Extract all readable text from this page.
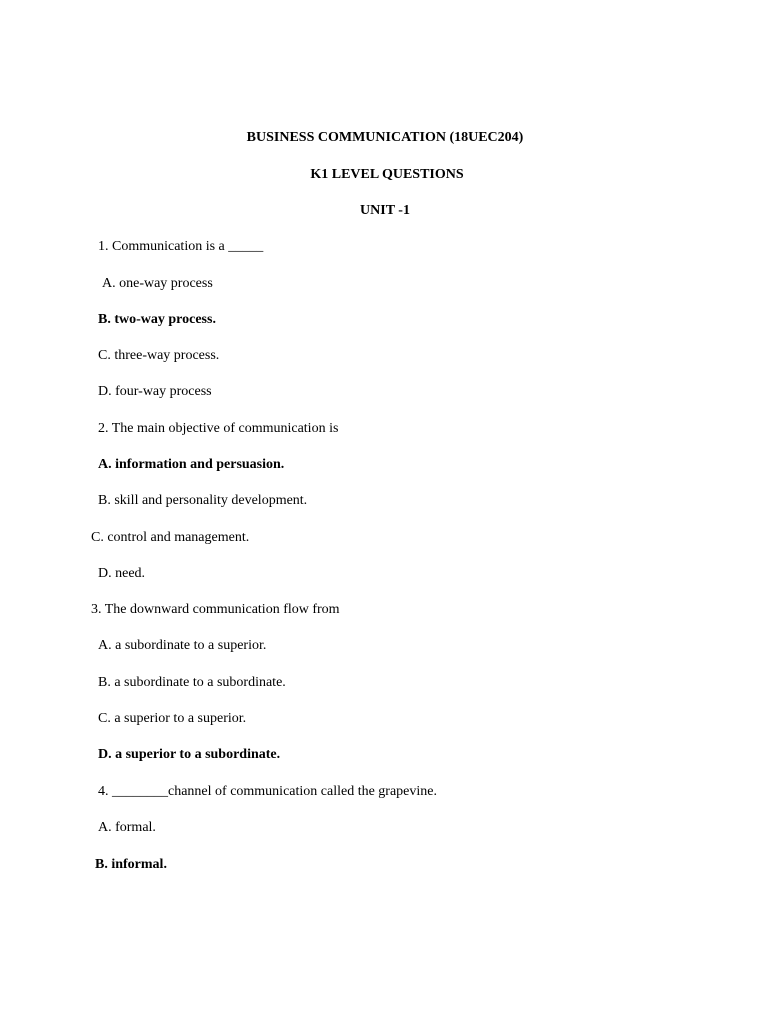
BUSINESS COMMUNICATION (18UEC204)
K1 LEVEL QUESTIONS
UNIT -1
1. Communication is a _____
A. one-way process
B. two-way process.
C. three-way process.
D. four-way process
2. The main objective of communication is
A. information and persuasion.
B. skill and personality development.
C. control and management.
D. need.
3. The downward communication flow from
A. a subordinate to a superior.
B. a subordinate to a subordinate.
C. a superior to a superior.
D. a superior to a subordinate.
4. ________channel of communication called the grapevine.
A. formal.
B. informal.
